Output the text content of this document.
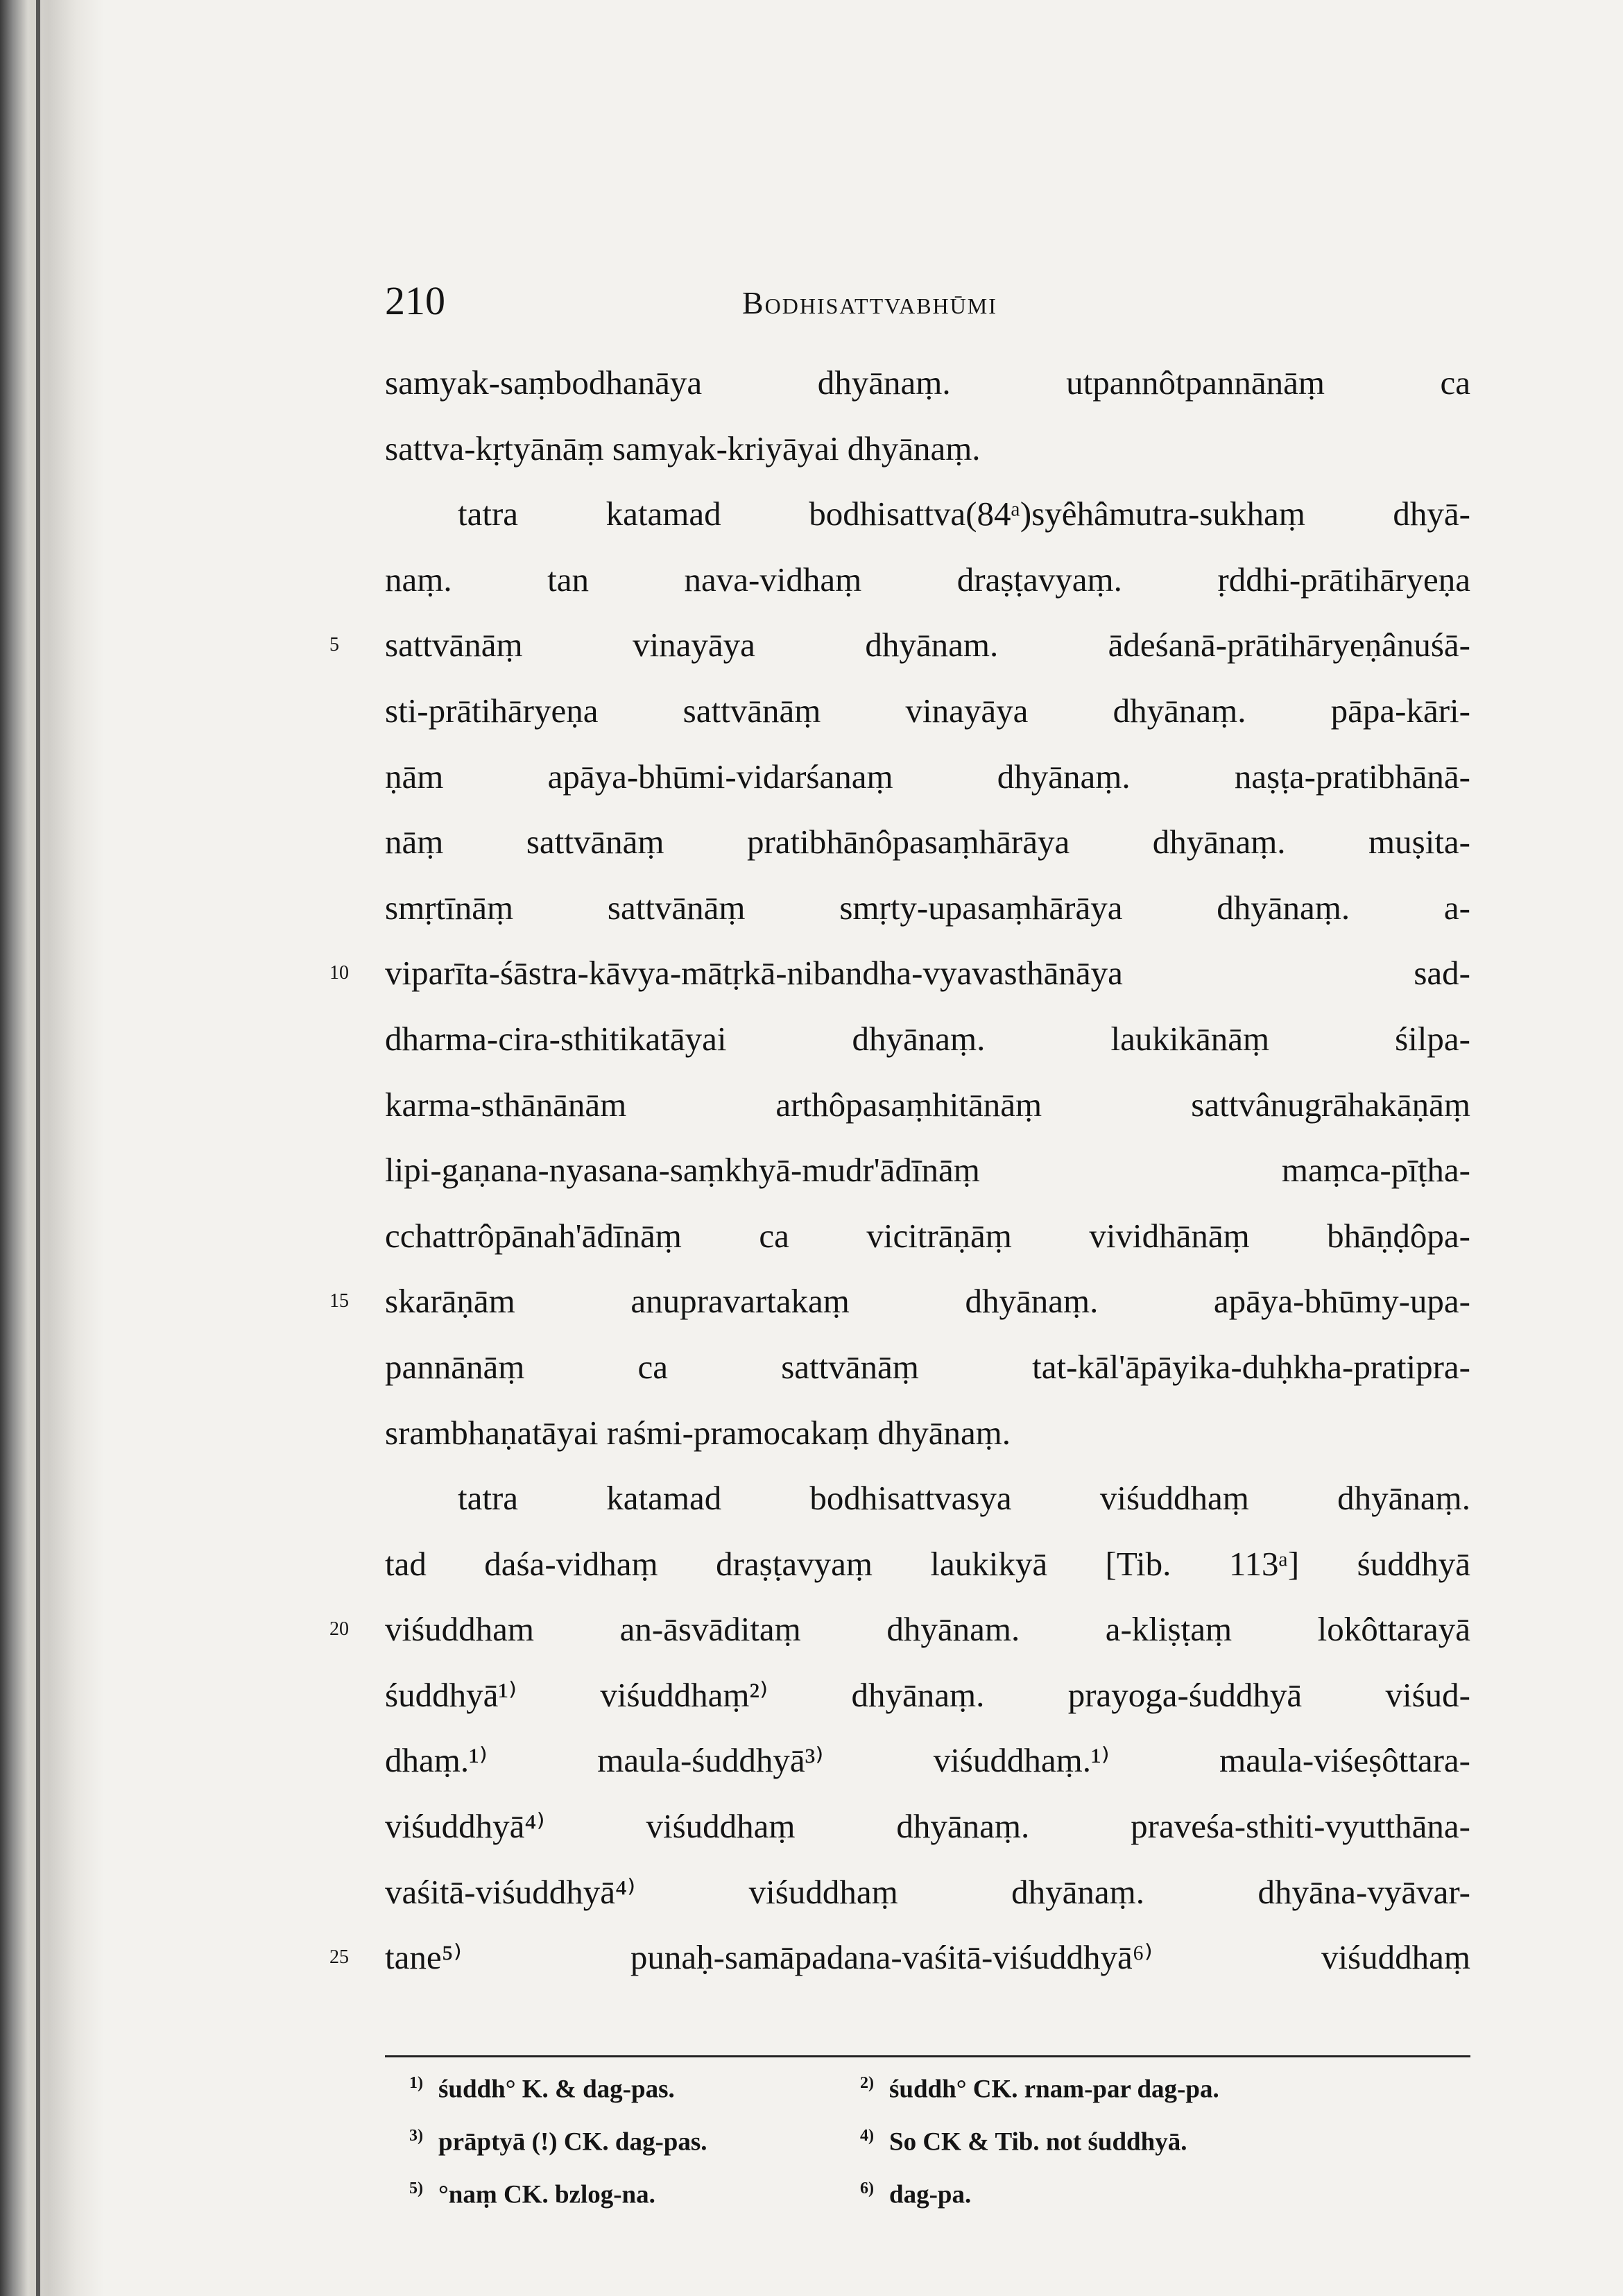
210	Bodhisattvabhūmi
samyak-saṃbodhanāya dhyānaṃ. utpannôtpannānāṃ ca
sattva-kṛtyānāṃ samyak-kriyāyai dhyānaṃ.
tatra katamad bodhisattva(84ᵃ)syêhâmutra-sukhaṃ dhyā-
naṃ. tan nava-vidhaṃ draṣṭavyaṃ. ṛddhi-prātihāryeṇa
5 sattvānāṃ vinayāya dhyānam. ādeśanā-prātihāryeṇânuśā-
sti-prātihāryeṇa sattvānāṃ vinayāya dhyānaṃ. pāpa-kāri-
ṇām apāya-bhūmi-vidarśanaṃ dhyānaṃ. naṣṭa-pratibhānā-
nāṃ sattvānāṃ pratibhānôpasaṃhārāya dhyānaṃ. muṣita-
smṛtīnāṃ sattvānāṃ smṛty-upasaṃhārāya dhyānaṃ. a-
10 viparīta-śāstra-kāvya-mātṛkā-nibandha-vyavasthānāya sad-
dharma-cira-sthitikatāyai dhyānaṃ. laukikānāṃ śilpa-
karma-sthānānām arthôpasaṃhitānāṃ sattvânugrāhakāṇāṃ
lipi-gaṇana-nyasana-saṃkhyā-mudr'ādīnāṃ maṃca-pīṭha-
cchattrôpānah'ādīnāṃ ca vicitrāṇāṃ vividhānāṃ bhāṇḍôpa-
15 skarāṇām anupravartakaṃ dhyānaṃ. apāya-bhūmy-upa-
pannānāṃ ca sattvānāṃ tat-kāl'āpāyika-duḥkha-pratipra-
srambhaṇatāyai raśmi-pramocakaṃ dhyānaṃ.
tatra katamad bodhisattvasya viśuddhaṃ dhyānaṃ.
tad daśa-vidhaṃ draṣṭavyaṃ laukikyā [Tib. 113ᵃ] śuddhyā
20 viśuddham an-āsvāditaṃ dhyānam. a-kliṣṭaṃ lokôttarayā
śuddhyā¹⁾ viśuddhaṃ²⁾ dhyānaṃ. prayoga-śuddhyā viśud-
dhaṃ.¹⁾ maula-śuddhyā³⁾ viśuddhaṃ.¹⁾ maula-viśeṣôttara-
viśuddhyā⁴⁾ viśuddhaṃ dhyānaṃ. praveśa-sthiti-vyutthāna-
vaśitā-viśuddhyā⁴⁾ viśuddhaṃ dhyānaṃ. dhyāna-vyāvar-
25 tane⁵⁾ punaḥ-samāpadana-vaśitā-viśuddhyā⁶⁾ viśuddhaṃ
$^{1)}$ śuddh° K. & dag-pas.	$^{2)}$ śuddh° CK. rnam-par dag-pa.
$^{3)}$ prāptyā (!) CK. dag-pas.	$^{4)}$ So CK & Tib. not śuddhyā.
$^{5)}$ °naṃ CK. bzlog-na.	$^{6)}$ dag-pa.
